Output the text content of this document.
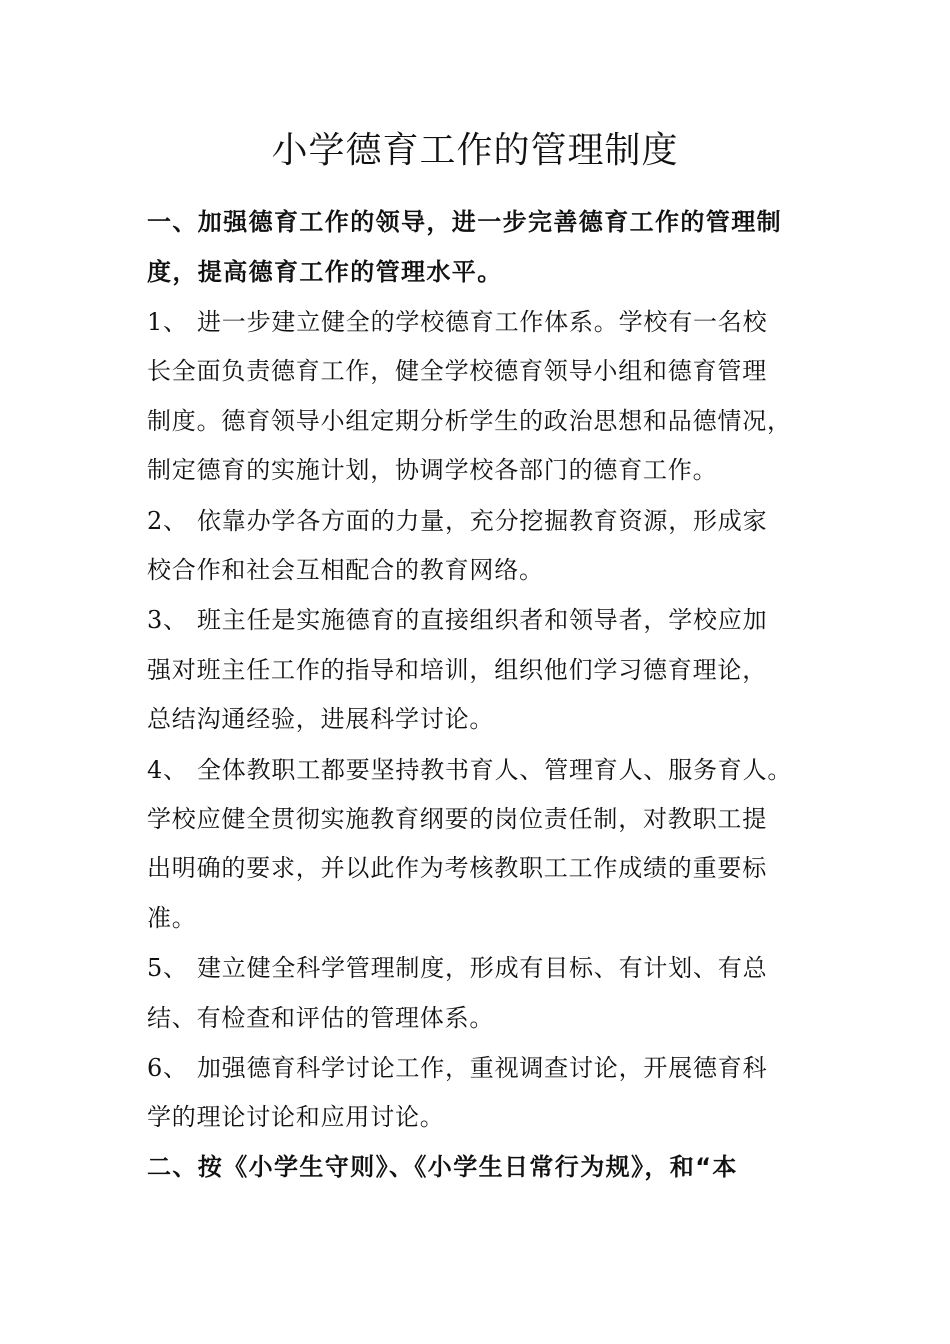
小学德育工作的管理制度
一、加强德育工作的领导，进一步完善德育工作的管理制
度，提高德育工作的管理水平。
1、 进一步建立健全的学校德育工作体系。学校有一名校
长全面负责德育工作，健全学校德育领导小组和德育管理
制度。德育领导小组定期分析学生的政治思想和品德情况，
制定德育的实施计划，协调学校各部门的德育工作。
2、 依靠办学各方面的力量，充分挖掘教育资源，形成家
校合作和社会互相配合的教育网络。
3、 班主任是实施德育的直接组织者和领导者，学校应加
强对班主任工作的指导和培训，组织他们学习德育理论，
总结沟通经验，进展科学讨论。
4、 全体教职工都要坚持教书育人、管理育人、服务育人。
学校应健全贯彻实施教育纲要的岗位责任制，对教职工提
出明确的要求，并以此作为考核教职工工作成绩的重要标
准。
5、 建立健全科学管理制度，形成有目标、有计划、有总
结、有检查和评估的管理体系。
6、 加强德育科学讨论工作，重视调查讨论，开展德育科
学的理论讨论和应用讨论。
二、按《小学生守则》、《小学生日常行为规》，和“本
